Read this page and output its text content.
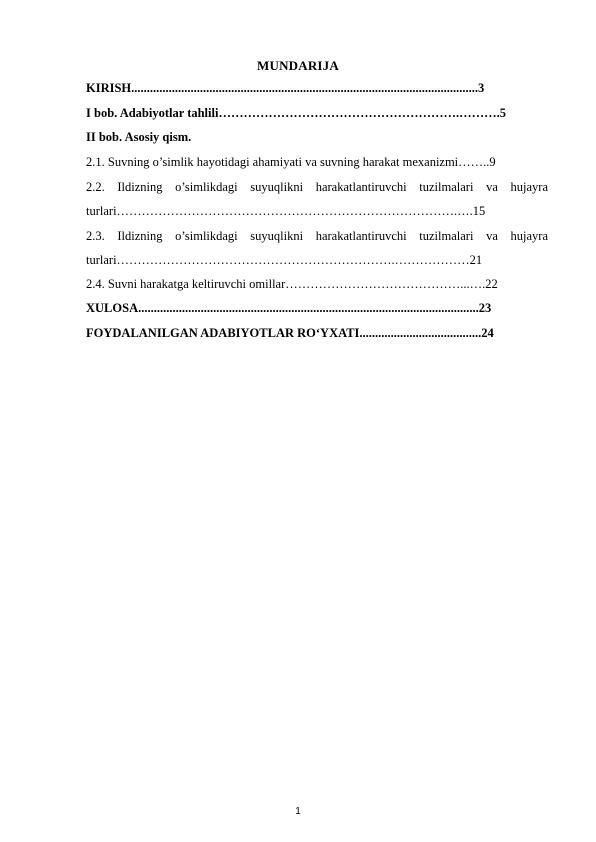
MUNDARIJA
KIRISH...............................................................................................................3
I bob. Adabiyotlar tahlili………………………………………………….……….5
II bob. Asosiy qism.
2.1. Suvning o’simlik hayotidagi ahamiyati va suvning harakat mexanizmi……..9
2.2. Ildizning o’simlikdagi suyuqlikni harakatlantiruvchi tuzilmalari va hujayra
turlari……………………………………………………………………….….15
2.3. Ildizning o’simlikdagi suyuqlikni harakatlantiruvchi tuzilmalari va hujayra
turlari………………………………………………………….………………21
2.4. Suvni harakatga keltiruvchi omillar……………………………………...….22
XULOSA.............................................................................................................23
FOYDALANILGAN ADABIYOTLAR RO‘YXATI.......................................24
1
